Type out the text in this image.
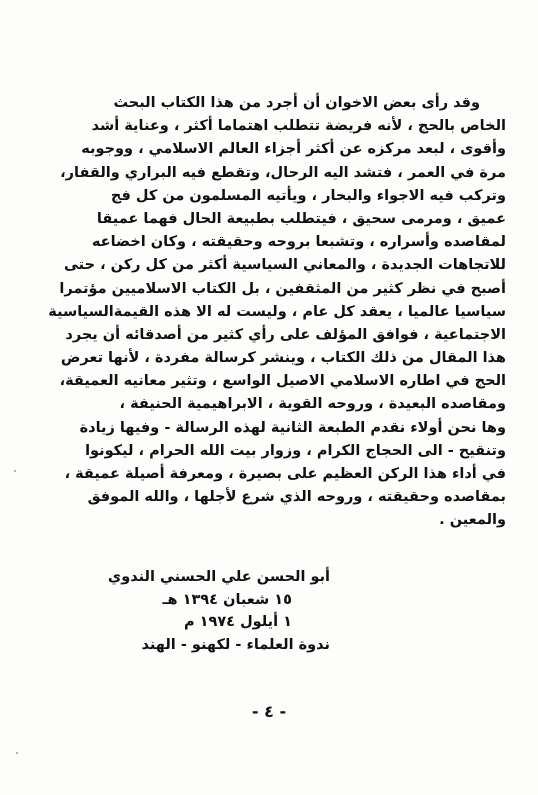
وقد رأى بعض الاخوان أن أجرد من هذا الكتاب البحث
الخاص بالحج ، لأنه فريضة تتطلب اهتماما أكثر ، وعناية أشد
وأقوى ، لبعد مركزه عن أكثر أجزاء العالم الاسلامي ، ووجوبه
مرة في العمر ، فتشد اليه الرحال، وتقطع فيه البراري والقفار،
وتركب فيه الاجواء والبحار ، ويأتيه المسلمون من كل فج
عميق ، ومرمى سحيق ، فيتطلب بطبيعة الحال فهما عميقا
لمقاصده وأسراره ، وتشبعا بروحه وحقيقته ، وكان اخضاعه
للاتجاهات الجديدة ، والمعاني السياسية أكثر من كل ركن ، حتى
أصبح في نظر كثير من المثقفين ، بل الكتاب الاسلاميين مؤتمرا
سياسيا عالميا ، يعقد كل عام ، وليست له الا هذه القيمةالسياسية
الاجتماعية ، فوافق المؤلف على رأي كثير من أصدقائه أن يجرد
هذا المقال من ذلك الكتاب ، وينشر كرسالة مفردة ، لأنها تعرض
الحج في اطاره الاسلامي الاصيل الواسع ، وتثير معانيه العميقة،
ومقاصده البعيدة ، وروحه القوية ، الابراهيمية الحنيفة ،
وها نحن أولاء نقدم الطبعة الثانية لهذه الرسالة - وفيها زيادة
وتنقيح - الى الحجاج الكرام ، وزوار بيت الله الحرام ، ليكونوا
في أداء هذا الركن العظيم على بصيرة ، ومعرفة أصيلة عميقة ،
بمقاصده وحقيقته ، وروحه الذي شرع لأجلها ، والله الموفق
والمعين .
أبو الحسن علي الحسني الندوي
١٥ شعبان ١٣٩٤ هـ
١ أيلول ١٩٧٤ م
ندوة العلماء - لكهنو - الهند
- ٤ -
